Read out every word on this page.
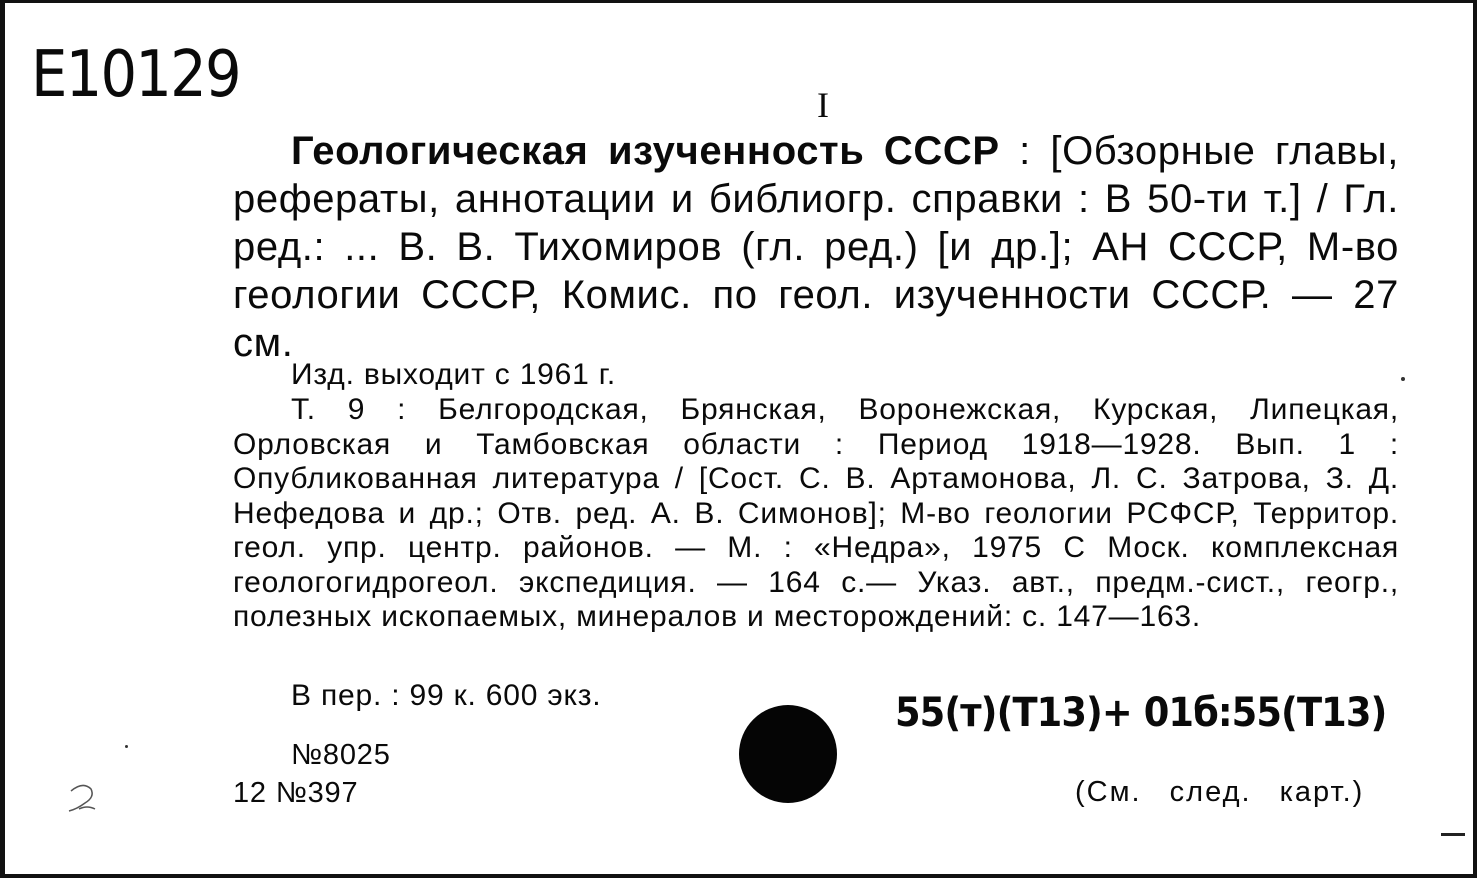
E10129	I
Геологическая изученность СССР : [Обзорные главы, рефераты, аннотации и библиогр. справки : В 50-ти т.] / Гл. ред.: ... В. В. Тихомиров (гл. ред.) [и др.]; АН СССР, М-во геологии СССР, Комис. по геол. изученности СССР. — 27 см.
Изд. выходит с 1961 г.
Т. 9 : Белгородская, Брянская, Воронежская, Курская, Липецкая, Орловская и Тамбовская области : Период 1918—1928. Вып. 1 : Опубликованная литература / [Сост. С. В. Артамонова, Л. С. Затрова, З. Д. Нефедова и др.; Отв. ред. А. В. Симонов]; М-во геологии РСФСР, Территор. геол. упр. центр. районов. — М. : «Недра», 1975 С Моск. комплексная геологогидрогеол. экспедиция. — 164 с.— Указ. авт., предм.-сист., геогр., полезных ископаемых, минералов и месторождений: с. 147—163.
В пер. : 99 к. 600 экз.
№8025
12 №397
55(т)(Т13)+ 01б:55(Т13)
(См. след. карт.)
